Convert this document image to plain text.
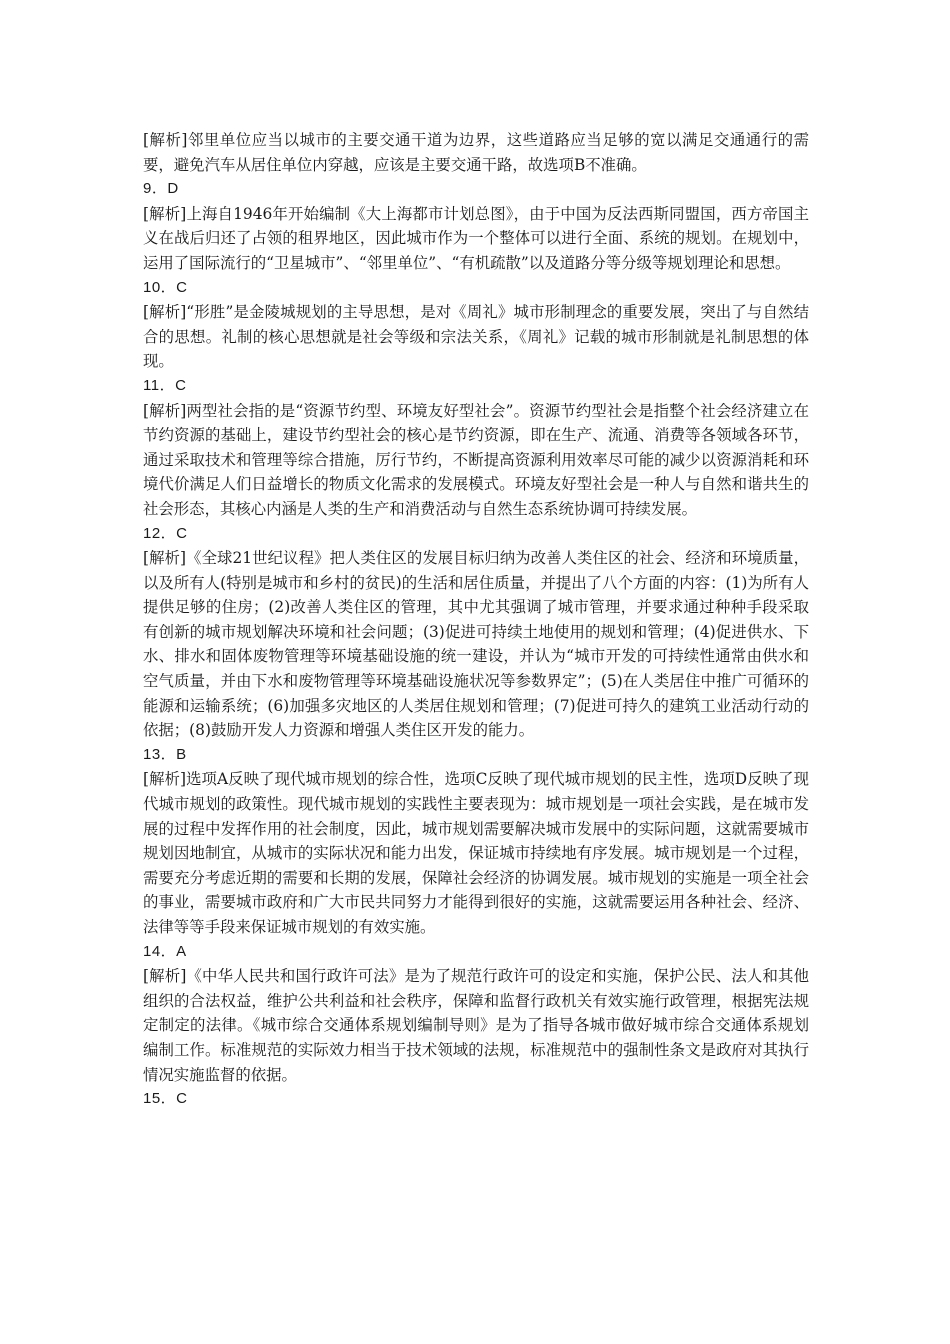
[解析]邻里单位应当以城市的主要交通干道为边界，这些道路应当足够的宽以满足交通通行的需要，避免汽车从居住单位内穿越，应该是主要交通干路，故选项B不准确。

9．D

[解析]上海自1946年开始编制《大上海都市计划总图》，由于中国为反法西斯同盟国，西方帝国主义在战后归还了占领的租界地区，因此城市作为一个整体可以进行全面、系统的规划。在规划中，运用了国际流行的“卫星城市”、“邻里单位”、“有机疏散”以及道路分等分级等规划理论和思想。

10．C

[解析]“形胜”是金陵城规划的主导思想，是对《周礼》城市形制理念的重要发展，突出了与自然结合的思想。礼制的核心思想就是社会等级和宗法关系，《周礼》记载的城市形制就是礼制思想的体现。

11．C

[解析]两型社会指的是“资源节约型、环境友好型社会”。资源节约型社会是指整个社会经济建立在节约资源的基础上，建设节约型社会的核心是节约资源，即在生产、流通、消费等各领域各环节，通过采取技术和管理等综合措施，厉行节约，不断提高资源利用效率尽可能的减少以资源消耗和环境代价满足人们日益增长的物质文化需求的发展模式。环境友好型社会是一种人与自然和谐共生的社会形态，其核心内涵是人类的生产和消费活动与自然生态系统协调可持续发展。

12．C

[解析]《全球21世纪议程》把人类住区的发展目标归纳为改善人类住区的社会、经济和环境质量，以及所有人(特别是城市和乡村的贫民)的生活和居住质量，并提出了八个方面的内容：(1)为所有人提供足够的住房；(2)改善人类住区的管理，其中尤其强调了城市管理，并要求通过种种手段采取有创新的城市规划解决环境和社会问题；(3)促进可持续土地使用的规划和管理；(4)促进供水、下水、排水和固体废物管理等环境基础设施的统一建设，并认为“城市开发的可持续性通常由供水和空气质量，并由下水和废物管理等环境基础设施状况等参数界定”；(5)在人类居住中推广可循环的能源和运输系统；(6)加强多灾地区的人类居住规划和管理；(7)促进可持久的建筑工业活动行动的依据；(8)鼓励开发人力资源和增强人类住区开发的能力。

13．B

[解析]选项A反映了现代城市规划的综合性，选项C反映了现代城市规划的民主性，选项D反映了现代城市规划的政策性。现代城市规划的实践性主要表现为：城市规划是一项社会实践，是在城市发展的过程中发挥作用的社会制度，因此，城市规划需要解决城市发展中的实际问题，这就需要城市规划因地制宜，从城市的实际状况和能力出发，保证城市持续地有序发展。城市规划是一个过程，需要充分考虑近期的需要和长期的发展，保障社会经济的协调发展。城市规划的实施是一项全社会的事业，需要城市政府和广大市民共同努力才能得到很好的实施，这就需要运用各种社会、经济、法律等等手段来保证城市规划的有效实施。

14．A

[解析]《中华人民共和国行政许可法》是为了规范行政许可的设定和实施，保护公民、法人和其他组织的合法权益，维护公共利益和社会秩序，保障和监督行政机关有效实施行政管理，根据宪法规定制定的法律。《城市综合交通体系规划编制导则》是为了指导各城市做好城市综合交通体系规划编制工作。标准规范的实际效力相当于技术领域的法规，标准规范中的强制性条文是政府对其执行情况实施监督的依据。

15．C
